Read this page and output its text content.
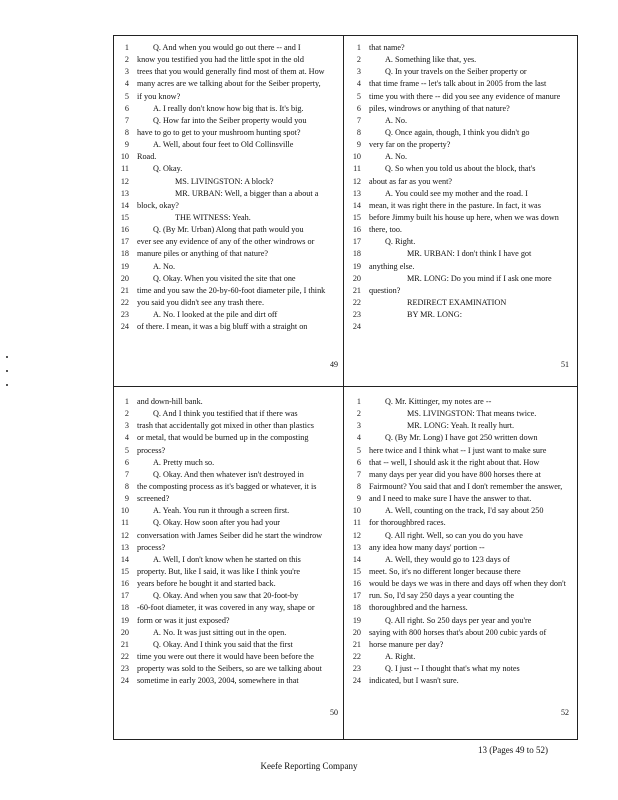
1	Q. And when you would go out there -- and I
2 know you testified you had the little spot in the old
3 trees that you would generally find most of them at. How
4 many acres are we talking about for the Seiber property,
5 if you know?
6	A. I really don't know how big that is. It's big.
7	Q. How far into the Seiber property would you
8 have to go to get to your mushroom hunting spot?
9	A. Well, about four feet to Old Collinsville
10 Road.
11	Q. Okay.
12	MS. LIVINGSTON: A block?
13	MR. URBAN: Well, a bigger than a about a
14 block, okay?
15	THE WITNESS: Yeah.
16	Q. (By Mr. Urban) Along that path would you
17 ever see any evidence of any of the other windrows or
18 manure piles or anything of that nature?
19	A. No.
20	Q. Okay. When you visited the site that one
21 time and you saw the 20-by-60-foot diameter pile, I think
22 you said you didn't see any trash there.
23	A. No. I looked at the pile and dirt off
24 of there. I mean, it was a big bluff with a straight on
49
1 that name?
2	A. Something like that, yes.
3	Q. In your travels on the Seiber property or
4 that time frame -- let's talk about in 2005 from the last
5 time you with there -- did you see any evidence of manure
6 piles, windrows or anything of that nature?
7	A. No.
8	Q. Once again, though, I think you didn't go
9 very far on the property?
10	A. No.
11	Q. So when you told us about the block, that's
12 about as far as you went?
13	A. You could see my mother and the road. I
14 mean, it was right there in the pasture. In fact, it was
15 before Jimmy built his house up here, when we was down
16 there, too.
17	Q. Right.
18	MR. URBAN: I don't think I have got
19 anything else.
20	MR. LONG: Do you mind if I ask one more
21 question?
22	REDIRECT EXAMINATION
23	BY MR. LONG:
24
51
1 and down-hill bank.
2	Q. And I think you testified that if there was
3 trash that accidentally got mixed in other than plastics
4 or metal, that would be burned up in the composting
5 process?
6	A. Pretty much so.
7	Q. Okay. And then whatever isn't destroyed in
8 the composting process as it's bagged or whatever, it is
9 screened?
10	A. Yeah. You run it through a screen first.
11	Q. Okay. How soon after you had your
12 conversation with James Seiber did he start the windrow
13 process?
14	A. Well, I don't know when he started on this
15 property. But, like I said, it was like I think you're
16 years before he bought it and started back.
17	Q. Okay. And when you saw that 20-foot-by
18 -60-foot diameter, it was covered in any way, shape or
19 form or was it just exposed?
20	A. No. It was just sitting out in the open.
21	Q. Okay. And I think you said that the first
22 time you were out there it would have been before the
23 property was sold to the Seibers, so are we talking about
24 sometime in early 2003, 2004, somewhere in that
50
1	Q. Mr. Kittinger, my notes are --
2	MS. LIVINGSTON: That means twice.
3	MR. LONG: Yeah. It really hurt.
4	Q. (By Mr. Long) I have got 250 written down
5 here twice and I think what -- I just want to make sure
6 that -- well, I should ask it the right about that. How
7 many days per year did you have 800 horses there at
8 Fairmount? You said that and I don't remember the answer,
9 and I need to make sure I have the answer to that.
10	A. Well, counting on the track, I'd say about 250
11 for thoroughbred races.
12	Q. All right. Well, so can you do you have
13 any idea how many days' portion --
14	A. Well, they would go to 123 days of
15 meet. So, it's no different longer because there
16 would be days we was in there and days off when they don't
17 run. So, I'd say 250 days a year counting the
18 thoroughbred and the harness.
19	Q. All right. So 250 days per year and you're
20 saying with 800 horses that's about 200 cubic yards of
21 horse manure per day?
22	A. Right.
23	Q. I just -- I thought that's what my notes
24 indicated, but I wasn't sure.
52
13 (Pages 49 to 52)
Keefe Reporting Company
